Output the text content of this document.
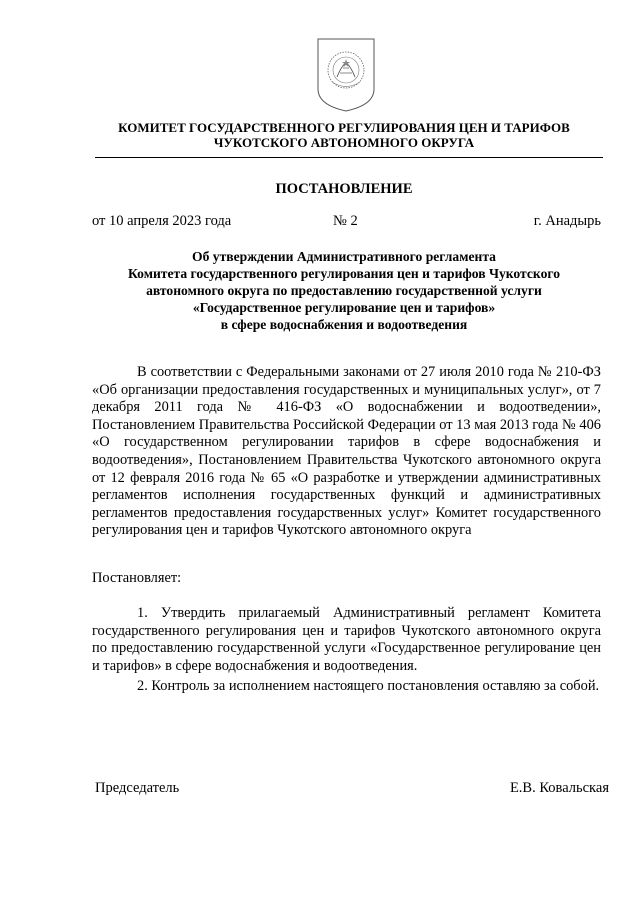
КОМИТЕТ ГОСУДАРСТВЕННОГО РЕГУЛИРОВАНИЯ ЦЕН И ТАРИФОВ
ЧУКОТСКОГО АВТОНОМНОГО ОКРУГА
ПОСТАНОВЛЕНИЕ
от 10 апреля 2023 года	№ 2	г. Анадырь
Об утверждении Административного регламента
Комитета государственного регулирования цен и тарифов Чукотского
автономного округа по предоставлению государственной услуги
«Государственное регулирование цен и тарифов»
в сфере водоснабжения и водоотведения
В соответствии с Федеральными законами от 27 июля 2010 года № 210-ФЗ «Об организации предоставления государственных и муниципальных услуг», от 7 декабря 2011 года № 416-ФЗ «О водоснабжении и водоотведении», Постановлением Правительства Российской Федерации от 13 мая 2013 года № 406 «О государственном регулировании тарифов в сфере водоснабжения и водоотведения», Постановлением Правительства Чукотского автономного округа от 12 февраля 2016 года № 65 «О разработке и утверждении административных регламентов исполнения государственных функций и административных регламентов предоставления государственных услуг» Комитет государственного регулирования цен и тарифов Чукотского автономного округа
Постановляет:
1. Утвердить прилагаемый Административный регламент Комитета государственного регулирования цен и тарифов Чукотского автономного округа по предоставлению государственной услуги «Государственное регулирование цен и тарифов» в сфере водоснабжения и водоотведения.
2. Контроль за исполнением настоящего постановления оставляю за собой.
Председатель	Е.В. Ковальская
